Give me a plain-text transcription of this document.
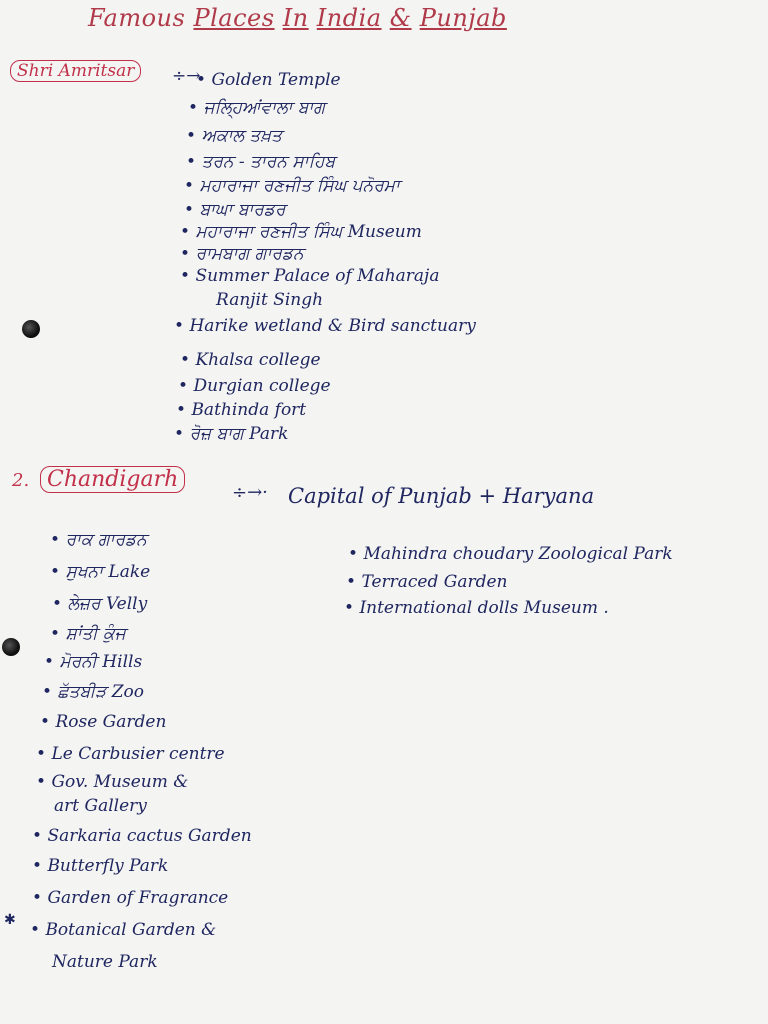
Famous Places In India & Punjab
Shri Amritsar	÷→
• Golden Temple
• ਜਲ੍ਹਿਆਂਵਾਲਾ ਬਾਗ
• ਅਕਾਲ ਤਖ਼ਤ
• ਤਰਨ - ਤਾਰਨ ਸਾਹਿਬ
• ਮਹਾਰਾਜਾ ਰਣਜੀਤ ਸਿੰਘ ਪਨੋਰਮਾ
• ਬਾਘਾ ਬਾਰਡਰ
• ਮਹਾਰਾਜਾ ਰਣਜੀਤ ਸਿੰਘ Museum
• ਰਾਮਬਾਗ ਗਾਰਡਨ
• Summer Palace of Maharaja
Ranjit Singh
• Harike wetland & Bird sanctuary
• Khalsa college
• Durgian college
• Bathinda fort
• ਰੋਜ਼ ਬਾਗ Park
2. Chandigarh
÷→· Capital of Punjab + Haryana
• ਰਾਕ ਗਾਰਡਨ
• ਸੁਖਨਾ Lake
• ਲੇਜ਼ਰ Velly
• ਸ਼ਾਂਤੀ ਕੁੰਜ
• ਮੋਰਨੀ Hills
• ਛੱਤਬੀੜ Zoo
• Rose Garden
• Le Carbusier centre
• Gov. Museum &
art Gallery
• Sarkaria cactus Garden
• Butterfly Park
• Garden of Fragrance
• Botanical Garden &
Nature Park
• Mahindra choudary Zoological Park
• Terraced Garden
• International dolls Museum .
✱
